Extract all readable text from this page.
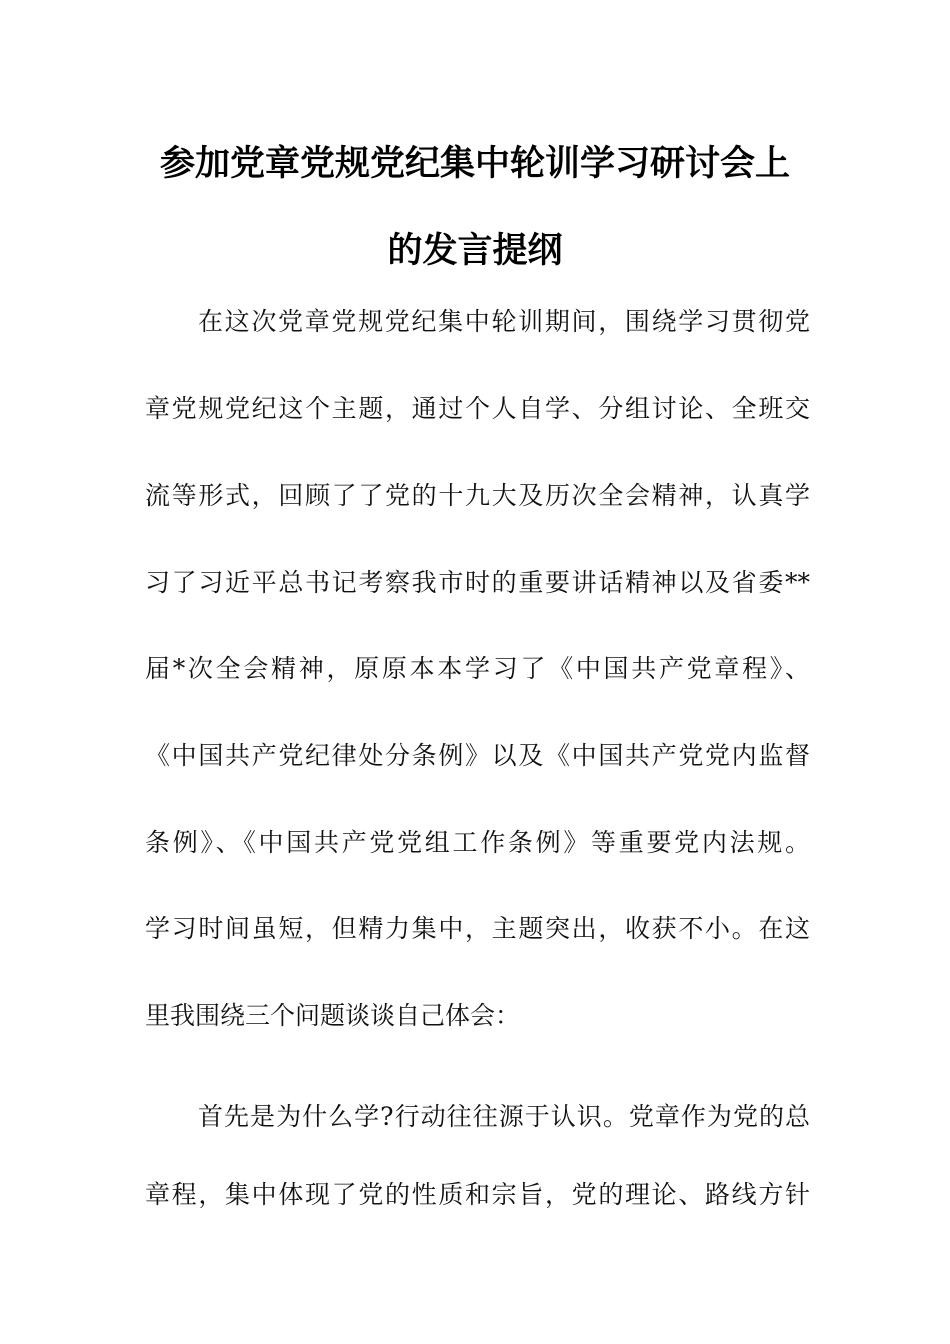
参加党章党规党纪集中轮训学习研讨会上
的发言提纲
在这次党章党规党纪集中轮训期间，围绕学习贯彻党
章党规党纪这个主题，通过个人自学、分组讨论、全班交
流等形式，回顾了了党的十九大及历次全会精神，认真学
习了习近平总书记考察我市时的重要讲话精神以及省委**
届*次全会精神，原原本本学习了《中国共产党章程》、
《中国共产党纪律处分条例》以及《中国共产党党内监督
条例》、《中国共产党党组工作条例》等重要党内法规。
学习时间虽短，但精力集中，主题突出，收获不小。在这
里我围绕三个问题谈谈自己体会：
首先是为什么学?行动往往源于认识。党章作为党的总
章程，集中体现了党的性质和宗旨，党的理论、路线方针
